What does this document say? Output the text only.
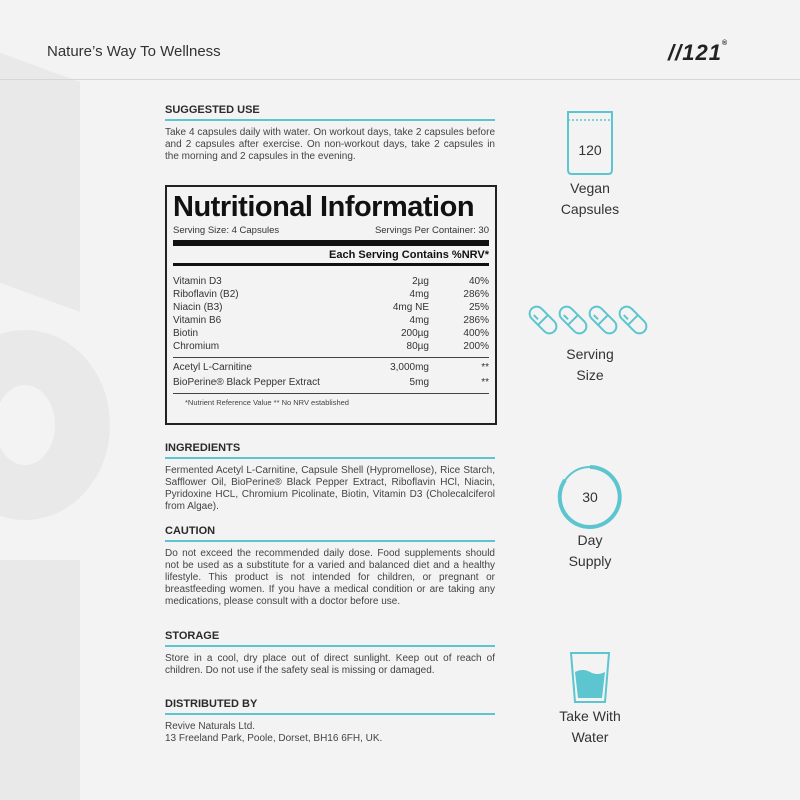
Nature’s Way To Wellness	//121®
SUGGESTED USE
Take 4 capsules daily with water. On workout days, take 2 capsules before and 2 capsules after exercise. On non-workout days, take 2 capsules in the morning and 2 capsules in the evening.
Nutritional Information
Serving Size: 4 Capsules	Servings Per Container: 30
Each Serving Contains %NRV*
Vitamin D3	2µg	40%
Riboflavin (B2)	4mg	286%
Niacin (B3)	4mg NE	25%
Vitamin B6	4mg	286%
Biotin	200µg	400%
Chromium	80µg	200%
Acetyl L-Carnitine	3,000mg	**
BioPerine® Black Pepper Extract	5mg	**
*Nutrient Reference Value ** No NRV established
INGREDIENTS
Fermented Acetyl L-Carnitine, Capsule Shell (Hypromellose), Rice Starch, Safflower Oil, BioPerine® Black Pepper Extract, Riboflavin HCl, Niacin, Pyridoxine HCL, Chromium Picolinate, Biotin, Vitamin D3 (Cholecalciferol from Algae).
CAUTION
Do not exceed the recommended daily dose. Food supplements should not be used as a substitute for a varied and balanced diet and a healthy lifestyle. This product is not intended for children, or pregnant or breastfeeding women. If you have a medical condition or are taking any medications, please consult with a doctor before use.
STORAGE
Store in a cool, dry place out of direct sunlight. Keep out of reach of children. Do not use if the safety seal is missing or damaged.
DISTRIBUTED BY
Revive Naturals Ltd.
13 Freeland Park, Poole, Dorset, BH16 6FH, UK.
120
Vegan
Capsules
Serving
Size
30
Day
Supply
Take With
Water
